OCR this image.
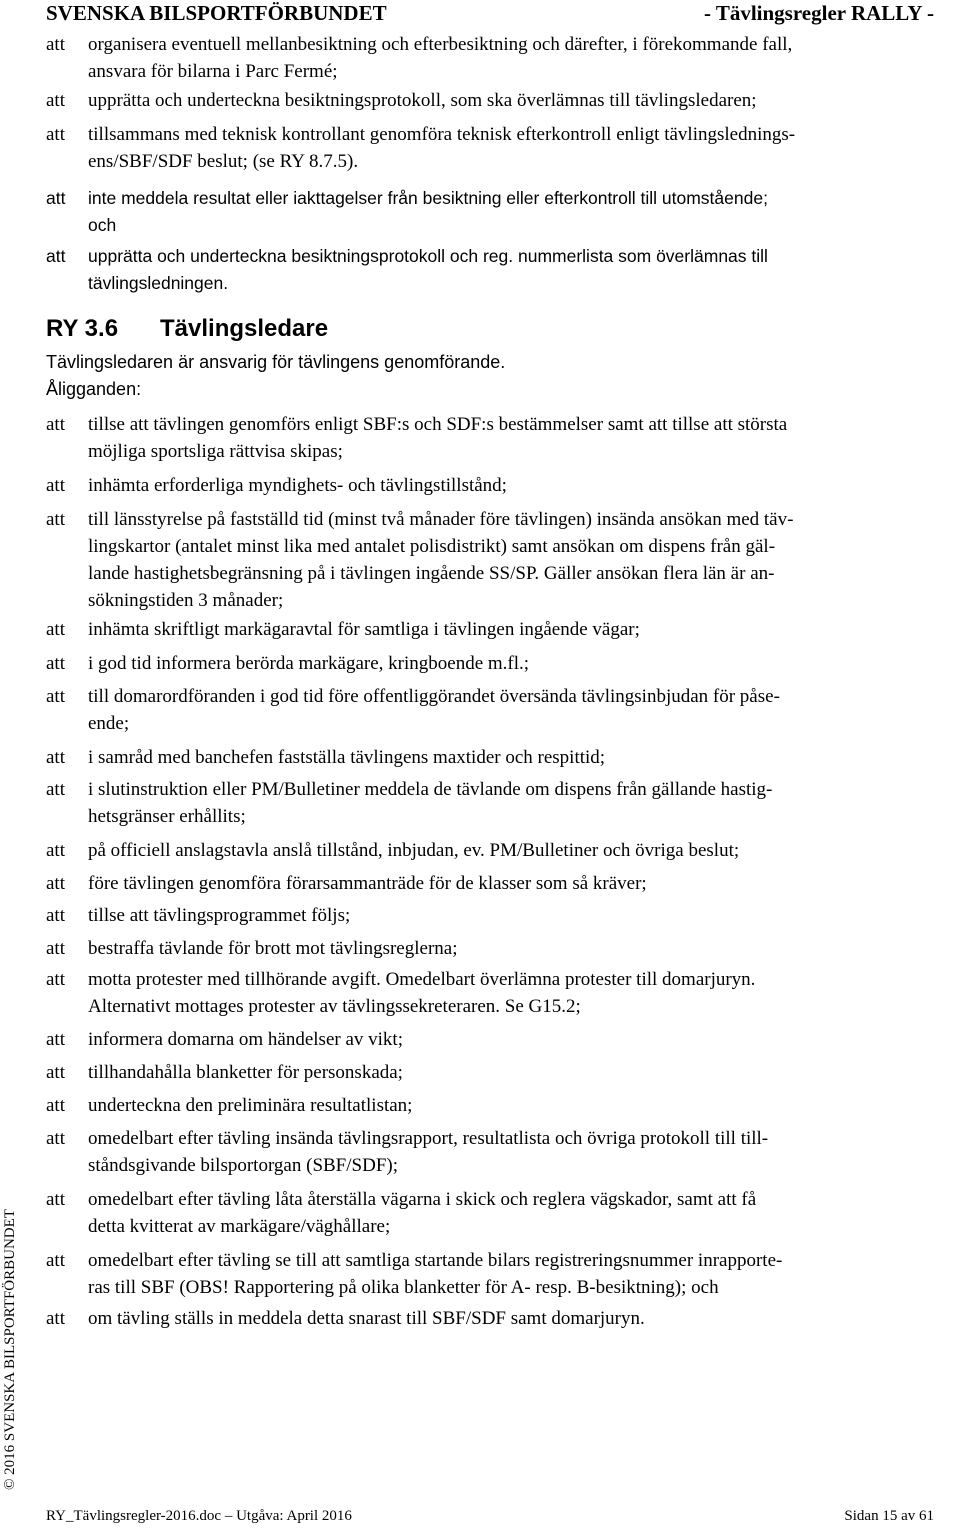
SVENSKA BILSPORTFÖRBUNDET	- Tävlingsregler RALLY -
att organisera eventuell mellanbesiktning och efterbesiktning och därefter, i förekommande fall,
ansvara för bilarna i Parc Fermé;
att upprätta och underteckna besiktningsprotokoll, som ska överlämnas till tävlingsledaren;
att tillsammans med teknisk kontrollant genomföra teknisk efterkontroll enligt tävlingslednings-
ens/SBF/SDF beslut; (se RY 8.7.5).
att inte meddela resultat eller iakttagelser från besiktning eller efterkontroll till utomstående;
och
att upprätta och underteckna besiktningsprotokoll och reg. nummerlista som överlämnas till
tävlingsledningen.
RY 3.6 Tävlingsledare
Tävlingsledaren är ansvarig för tävlingens genomförande.
Åligganden:
att tillse att tävlingen genomförs enligt SBF:s och SDF:s bestämmelser samt att tillse att största
möjliga sportsliga rättvisa skipas;
att inhämta erforderliga myndighets- och tävlingstillstånd;
att till länsstyrelse på fastställd tid (minst två månader före tävlingen) insända ansökan med täv-
lingskartor (antalet minst lika med antalet polisdistrikt) samt ansökan om dispens från gäl-
lande hastighetsbegränsning på i tävlingen ingående SS/SP. Gäller ansökan flera län är an-
sökningstiden 3 månader;
att inhämta skriftligt markägaravtal för samtliga i tävlingen ingående vägar;
att i god tid informera berörda markägare, kringboende m.fl.;
att till domarordföranden i god tid före offentliggörandet översända tävlingsinbjudan för påse-
ende;
att i samråd med banchefen fastställa tävlingens maxtider och respittid;
att i slutinstruktion eller PM/Bulletiner meddela de tävlande om dispens från gällande hastig-
hetsgränser erhållits;
att på officiell anslagstavla anslå tillstånd, inbjudan, ev. PM/Bulletiner och övriga beslut;
att före tävlingen genomföra förarsammanträde för de klasser som så kräver;
att tillse att tävlingsprogrammet följs;
att bestraffa tävlande för brott mot tävlingsreglerna;
att motta protester med tillhörande avgift. Omedelbart överlämna protester till domarjuryn.
Alternativt mottages protester av tävlingssekreteraren. Se G15.2;
att informera domarna om händelser av vikt;
att tillhandahålla blanketter för personskada;
att underteckna den preliminära resultatlistan;
att omedelbart efter tävling insända tävlingsrapport, resultatlista och övriga protokoll till till-
ståndsgivande bilsportorgan (SBF/SDF);
att omedelbart efter tävling låta återställa vägarna i skick och reglera vägskador, samt att få
detta kvitterat av markägare/väghållare;
att omedelbart efter tävling se till att samtliga startande bilars registreringsnummer inrapporte-
ras till SBF (OBS! Rapportering på olika blanketter för A- resp. B-besiktning); och
att om tävling ställs in meddela detta snarast till SBF/SDF samt domarjuryn.
© 2016 SVENSKA BILSPORTFÖRBUNDET
RY_Tävlingsregler-2016.doc – Utgåva: April 2016	Sidan 15 av 61
